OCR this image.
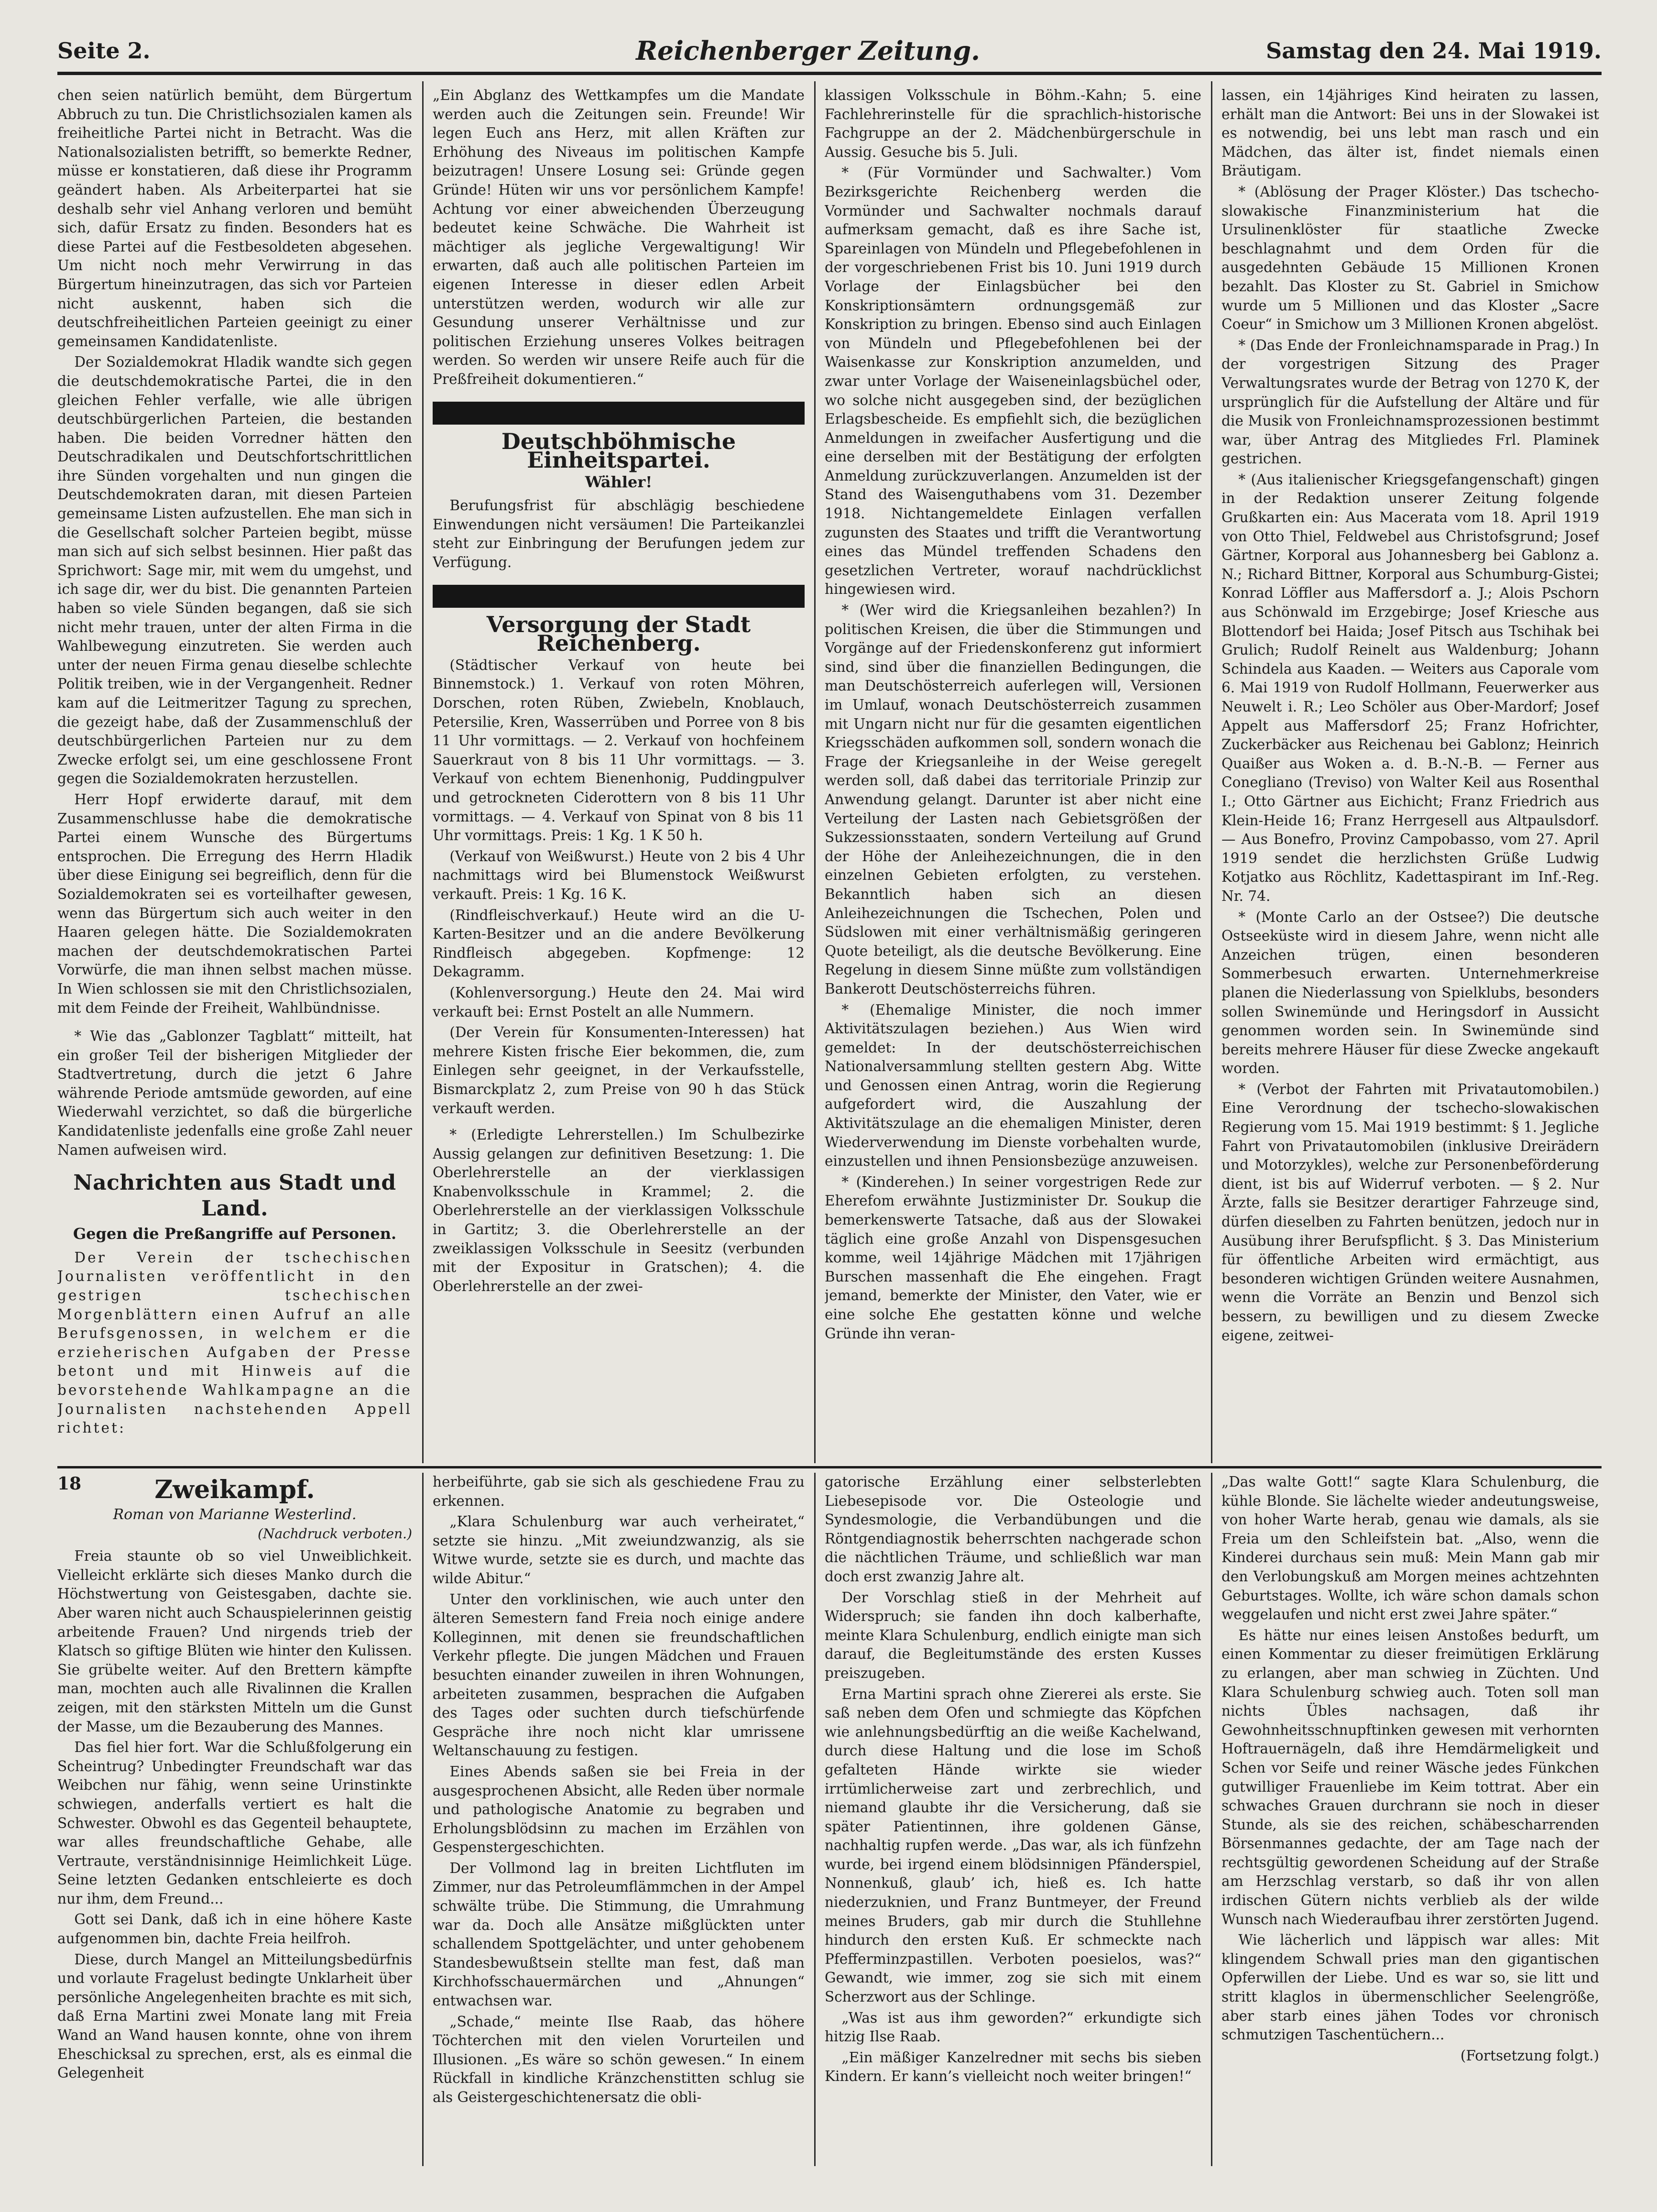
Seite 2.	Reichenberger Zeitung.	Samstag den 24. Mai 1919.

chen seien natürlich bemüht, dem Bürgertum Abbruch zu tun. Die Christlichsozialen kamen als freiheitliche Partei nicht in Betracht. Was die Nationalsozialisten betrifft, so bemerkte Redner, müsse er konstatieren, daß diese ihr Programm geändert haben. Als Arbeiterpartei hat sie deshalb sehr viel Anhang verloren und bemüht sich, dafür Ersatz zu finden. Besonders hat es diese Partei auf die Festbesoldeten abgesehen. Um nicht noch mehr Verwirrung in das Bürgertum hineinzutragen, das sich vor Parteien nicht auskennt, haben sich die deutschfreiheitlichen Parteien geeinigt zu einer gemeinsamen Kandidatenliste.

Der Sozialdemokrat Hladik wandte sich gegen die deutschdemokratische Partei, die in den gleichen Fehler verfalle, wie alle übrigen deutschbürgerlichen Parteien, die bestanden haben. Die beiden Vorredner hätten den Deutschradikalen und Deutschfortschrittlichen ihre Sünden vorgehalten und nun gingen die Deutschdemokraten daran, mit diesen Parteien gemeinsame Listen aufzustellen. Ehe man sich in die Gesellschaft solcher Parteien begibt, müsse man sich auf sich selbst besinnen. Hier paßt das Sprichwort: Sage mir, mit wem du umgehst, und ich sage dir, wer du bist. Die genannten Parteien haben so viele Sünden begangen, daß sie sich nicht mehr trauen, unter der alten Firma in die Wahlbewegung einzutreten. Sie werden auch unter der neuen Firma genau dieselbe schlechte Politik treiben, wie in der Vergangenheit. Redner kam auf die Leitmeritzer Tagung zu sprechen, die gezeigt habe, daß der Zusammenschluß der deutschbürgerlichen Parteien nur zu dem Zwecke erfolgt sei, um eine geschlossene Front gegen die Sozialdemokraten herzustellen.

Herr Hopf erwiderte darauf, mit dem Zusammenschlusse habe die demokratische Partei einem Wunsche des Bürgertums entsprochen. Die Erregung des Herrn Hladik über diese Einigung sei begreiflich, denn für die Sozialdemokraten sei es vorteilhafter gewesen, wenn das Bürgertum sich auch weiter in den Haaren gelegen hätte. Die Sozialdemokraten machen der deutschdemokratischen Partei Vorwürfe, die man ihnen selbst machen müsse. In Wien schlossen sie mit den Christlichsozialen, mit dem Feinde der Freiheit, Wahlbündnisse.

* Wie das „Gablonzer Tagblatt“ mitteilt, hat ein großer Teil der bisherigen Mitglieder der Stadtvertretung, durch die jetzt 6 Jahre währende Periode amtsmüde geworden, auf eine Wiederwahl verzichtet, so daß die bürgerliche Kandidatenliste jedenfalls eine große Zahl neuer Namen aufweisen wird.

Nachrichten aus Stadt und Land.
Gegen die Preßangriffe auf Personen.

Der Verein der tschechischen Journalisten veröffentlicht in den gestrigen tschechischen Morgenblättern einen Aufruf an alle Berufsgenossen, in welchem er die erzieherischen Aufgaben der Presse betont und mit Hinweis auf die bevorstehende Wahlkampagne an die Journalisten nachstehenden Appell richtet:

„Ein Abglanz des Wettkampfes um die Mandate werden auch die Zeitungen sein. Freunde! Wir legen Euch ans Herz, mit allen Kräften zur Erhöhung des Niveaus im politischen Kampfe beizutragen! Unsere Losung sei: Gründe gegen Gründe! Hüten wir uns vor persönlichem Kampfe! Achtung vor einer abweichenden Überzeugung bedeutet keine Schwäche. Die Wahrheit ist mächtiger als jegliche Vergewaltigung! Wir erwarten, daß auch alle politischen Parteien im eigenen Interesse in dieser edlen Arbeit unterstützen werden, wodurch wir alle zur Gesundung unserer Verhältnisse und zur politischen Erziehung unseres Volkes beitragen werden. So werden wir unsere Reife auch für die Preßfreiheit dokumentieren.“

Deutschböhmische Einheitspartei.
Wähler!

Berufungsfrist für abschlägig beschiedene Einwendungen nicht versäumen! Die Parteikanzlei steht zur Einbringung der Berufungen jedem zur Verfügung.

Versorgung der Stadt Reichenberg.

(Städtischer Verkauf von heute bei Binnemstock.) 1. Verkauf von roten Möhren, Dorschen, roten Rüben, Zwiebeln, Knoblauch, Petersilie, Kren, Wasserrüben und Porree von 8 bis 11 Uhr vormittags. — 2. Verkauf von hochfeinem Sauerkraut von 8 bis 11 Uhr vormittags. — 3. Verkauf von echtem Bienenhonig, Puddingpulver und getrockneten Ciderottern von 8 bis 11 Uhr vormittags. — 4. Verkauf von Spinat von 8 bis 11 Uhr vormittags. Preis: 1 Kg. 1 K 50 h.

(Verkauf von Weißwurst.) Heute von 2 bis 4 Uhr nachmittags wird bei Blumenstock Weißwurst verkauft. Preis: 1 Kg. 16 K.

(Rindfleischverkauf.) Heute wird an die U-Karten-Besitzer und an die andere Bevölkerung Rindfleisch abgegeben. Kopfmenge: 12 Dekagramm.

(Kohlenversorgung.) Heute den 24. Mai wird verkauft bei: Ernst Postelt an alle Nummern.

(Der Verein für Konsumenten-Interessen) hat mehrere Kisten frische Eier bekommen, die, zum Einlegen sehr geeignet, in der Verkaufsstelle, Bismarckplatz 2, zum Preise von 90 h das Stück verkauft werden.

* (Erledigte Lehrerstellen.) Im Schulbezirke Aussig gelangen zur definitiven Besetzung: 1. Die Oberlehrerstelle an der vierklassigen Knabenvolksschule in Krammel; 2. die Oberlehrerstelle an der vierklassigen Volksschule in Gartitz; 3. die Oberlehrerstelle an der zweiklassigen Volksschule in Seesitz (verbunden mit der Expositur in Gratschen); 4. die Oberlehrerstelle an der zwei-

klassigen Volksschule in Böhm.-Kahn; 5. eine Fachlehrerinstelle für die sprachlich-historische Fachgruppe an der 2. Mädchenbürgerschule in Aussig. Gesuche bis 5. Juli.

* (Für Vormünder und Sachwalter.) Vom Bezirksgerichte Reichenberg werden die Vormünder und Sachwalter nochmals darauf aufmerksam gemacht, daß es ihre Sache ist, Spareinlagen von Mündeln und Pflegebefohlenen in der vorgeschriebenen Frist bis 10. Juni 1919 durch Vorlage der Einlagsbücher bei den Konskriptionsämtern ordnungsgemäß zur Konskription zu bringen. Ebenso sind auch Einlagen von Mündeln und Pflegebefohlenen bei der Waisenkasse zur Konskription anzumelden, und zwar unter Vorlage der Waiseneinlagsbüchel oder, wo solche nicht ausgegeben sind, der bezüglichen Erlagsbescheide. Es empfiehlt sich, die bezüglichen Anmeldungen in zweifacher Ausfertigung und die eine derselben mit der Bestätigung der erfolgten Anmeldung zurückzuverlangen. Anzumelden ist der Stand des Waisenguthabens vom 31. Dezember 1918. Nichtangemeldete Einlagen verfallen zugunsten des Staates und trifft die Verantwortung eines das Mündel treffenden Schadens den gesetzlichen Vertreter, worauf nachdrücklichst hingewiesen wird.

* (Wer wird die Kriegsanleihen bezahlen?) In politischen Kreisen, die über die Stimmungen und Vorgänge auf der Friedenskonferenz gut informiert sind, sind über die finanziellen Bedingungen, die man Deutschösterreich auferlegen will, Versionen im Umlauf, wonach Deutschösterreich zusammen mit Ungarn nicht nur für die gesamten eigentlichen Kriegsschäden aufkommen soll, sondern wonach die Frage der Kriegsanleihe in der Weise geregelt werden soll, daß dabei das territoriale Prinzip zur Anwendung gelangt. Darunter ist aber nicht eine Verteilung der Lasten nach Gebietsgrößen der Sukzessionsstaaten, sondern Verteilung auf Grund der Höhe der Anleihezeichnungen, die in den einzelnen Gebieten erfolgten, zu verstehen. Bekanntlich haben sich an diesen Anleihezeichnungen die Tschechen, Polen und Südslowen mit einer verhältnismäßig geringeren Quote beteiligt, als die deutsche Bevölkerung. Eine Regelung in diesem Sinne müßte zum vollständigen Bankerott Deutschösterreichs führen.

* (Ehemalige Minister, die noch immer Aktivitätszulagen beziehen.) Aus Wien wird gemeldet: In der deutschösterreichischen Nationalversammlung stellten gestern Abg. Witte und Genossen einen Antrag, worin die Regierung aufgefordert wird, die Auszahlung der Aktivitätszulage an die ehemaligen Minister, deren Wiederverwendung im Dienste vorbehalten wurde, einzustellen und ihnen Pensionsbezüge anzuweisen.

* (Kinderehen.) In seiner vorgestrigen Rede zur Eherefom erwähnte Justizminister Dr. Soukup die bemerkenswerte Tatsache, daß aus der Slowakei täglich eine große Anzahl von Dispensgesuchen komme, weil 14jährige Mädchen mit 17jährigen Burschen massenhaft die Ehe eingehen. Fragt jemand, bemerkte der Minister, den Vater, wie er eine solche Ehe gestatten könne und welche Gründe ihn veran-

lassen, ein 14jähriges Kind heiraten zu lassen, erhält man die Antwort: Bei uns in der Slowakei ist es notwendig, bei uns lebt man rasch und ein Mädchen, das älter ist, findet niemals einen Bräutigam.

* (Ablösung der Prager Klöster.) Das tschecho-slowakische Finanzministerium hat die Ursulinenklöster für staatliche Zwecke beschlagnahmt und dem Orden für die ausgedehnten Gebäude 15 Millionen Kronen bezahlt. Das Kloster zu St. Gabriel in Smichow wurde um 5 Millionen und das Kloster „Sacre Coeur“ in Smichow um 3 Millionen Kronen abgelöst.

* (Das Ende der Fronleichnamsparade in Prag.) In der vorgestrigen Sitzung des Prager Verwaltungsrates wurde der Betrag von 1270 K, der ursprünglich für die Aufstellung der Altäre und für die Musik von Fronleichnamsprozessionen bestimmt war, über Antrag des Mitgliedes Frl. Plaminek gestrichen.

* (Aus italienischer Kriegsgefangenschaft) gingen in der Redaktion unserer Zeitung folgende Grußkarten ein: Aus Macerata vom 18. April 1919 von Otto Thiel, Feldwebel aus Christofsgrund; Josef Gärtner, Korporal aus Johannesberg bei Gablonz a. N.; Richard Bittner, Korporal aus Schumburg-Gistei; Konrad Löffler aus Maffersdorf a. J.; Alois Pschorn aus Schönwald im Erzgebirge; Josef Kriesche aus Blottendorf bei Haida; Josef Pitsch aus Tschihak bei Grulich; Rudolf Reinelt aus Waldenburg; Johann Schindela aus Kaaden. — Weiters aus Caporale vom 6. Mai 1919 von Rudolf Hollmann, Feuerwerker aus Neuwelt i. R.; Leo Schöler aus Ober-Mardorf; Josef Appelt aus Maffersdorf 25; Franz Hofrichter, Zuckerbäcker aus Reichenau bei Gablonz; Heinrich Quaißer aus Woken a. d. B.-N.-B. — Ferner aus Conegliano (Treviso) von Walter Keil aus Rosenthal I.; Otto Gärtner aus Eichicht; Franz Friedrich aus Klein-Heide 16; Franz Herrgesell aus Altpaulsdorf. — Aus Bonefro, Provinz Campobasso, vom 27. April 1919 sendet die herzlichsten Grüße Ludwig Kotjatko aus Röchlitz, Kadettaspirant im Inf.-Reg. Nr. 74.

* (Monte Carlo an der Ostsee?) Die deutsche Ostseeküste wird in diesem Jahre, wenn nicht alle Anzeichen trügen, einen besonderen Sommerbesuch erwarten. Unternehmerkreise planen die Niederlassung von Spielklubs, besonders sollen Swinemünde und Heringsdorf in Aussicht genommen worden sein. In Swinemünde sind bereits mehrere Häuser für diese Zwecke angekauft worden.

* (Verbot der Fahrten mit Privatautomobilen.) Eine Verordnung der tschecho-slowakischen Regierung vom 15. Mai 1919 bestimmt: § 1. Jegliche Fahrt von Privatautomobilen (inklusive Dreirädern und Motorzykles), welche zur Personenbeförderung dient, ist bis auf Widerruf verboten. — § 2. Nur Ärzte, falls sie Besitzer derartiger Fahrzeuge sind, dürfen dieselben zu Fahrten benützen, jedoch nur in Ausübung ihrer Berufspflicht. § 3. Das Ministerium für öffentliche Arbeiten wird ermächtigt, aus besonderen wichtigen Gründen weitere Ausnahmen, wenn die Vorräte an Benzin und Benzol sich bessern, zu bewilligen und zu diesem Zwecke eigene, zeitwei-

18	Zweikampf.
Roman von Marianne Westerlind.
(Nachdruck verboten.)

Freia staunte ob so viel Unweiblichkeit. Vielleicht erklärte sich dieses Manko durch die Höchstwertung von Geistesgaben, dachte sie. Aber waren nicht auch Schauspielerinnen geistig arbeitende Frauen? Und nirgends trieb der Klatsch so giftige Blüten wie hinter den Kulissen. Sie grübelte weiter. Auf den Brettern kämpfte man, mochten auch alle Rivalinnen die Krallen zeigen, mit den stärksten Mitteln um die Gunst der Masse, um die Bezauberung des Mannes.

Das fiel hier fort. War die Schlußfolgerung ein Scheintrug? Unbedingter Freundschaft war das Weibchen nur fähig, wenn seine Urinstinkte schwiegen, anderfalls vertiert es halt die Schwester. Obwohl es das Gegenteil behauptete, war alles freundschaftliche Gehabe, alle Vertraute, verständnisinnige Heimlichkeit Lüge. Seine letzten Gedanken entschleierte es doch nur ihm, dem Freund...

Gott sei Dank, daß ich in eine höhere Kaste aufgenommen bin, dachte Freia heilfroh.

Diese, durch Mangel an Mitteilungsbedürfnis und vorlaute Fragelust bedingte Unklarheit über persönliche Angelegenheiten brachte es mit sich, daß Erna Martini zwei Monate lang mit Freia Wand an Wand hausen konnte, ohne von ihrem Eheschicksal zu sprechen, erst, als es einmal die Gelegenheit

herbeiführte, gab sie sich als geschiedene Frau zu erkennen.

„Klara Schulenburg war auch verheiratet,“ setzte sie hinzu. „Mit zweiundzwanzig, als sie Witwe wurde, setzte sie es durch, und machte das wilde Abitur.“

Unter den vorklinischen, wie auch unter den älteren Semestern fand Freia noch einige andere Kolleginnen, mit denen sie freundschaftlichen Verkehr pflegte. Die jungen Mädchen und Frauen besuchten einander zuweilen in ihren Wohnungen, arbeiteten zusammen, besprachen die Aufgaben des Tages oder suchten durch tiefschürfende Gespräche ihre noch nicht klar umrissene Weltanschauung zu festigen.

Eines Abends saßen sie bei Freia in der ausgesprochenen Absicht, alle Reden über normale und pathologische Anatomie zu begraben und Erholungsblödsinn zu machen im Erzählen von Gespenstergeschichten.

Der Vollmond lag in breiten Lichtfluten im Zimmer, nur das Petroleumflämmchen in der Ampel schwälte trübe. Die Stimmung, die Umrahmung war da. Doch alle Ansätze mißglückten unter schallendem Spottgelächter, und unter gehobenem Standesbewußtsein stellte man fest, daß man Kirchhofsschauermärchen und „Ahnungen“ entwachsen war.

„Schade,“ meinte Ilse Raab, das höhere Töchterchen mit den vielen Vorurteilen und Illusionen. „Es wäre so schön gewesen.“ In einem Rückfall in kindliche Kränzchenstitten schlug sie als Geistergeschichtenersatz die obli-

gatorische Erzählung einer selbsterlebten Liebesepisode vor. Die Osteologie und Syndesmologie, die Verbandübungen und die Röntgendiagnostik beherrschten nachgerade schon die nächtlichen Träume, und schließlich war man doch erst zwanzig Jahre alt.

Der Vorschlag stieß in der Mehrheit auf Widerspruch; sie fanden ihn doch kalberhafte, meinte Klara Schulenburg, endlich einigte man sich darauf, die Begleitumstände des ersten Kusses preiszugeben.

Erna Martini sprach ohne Ziererei als erste. Sie saß neben dem Ofen und schmiegte das Köpfchen wie anlehnungsbedürftig an die weiße Kachelwand, durch diese Haltung und die lose im Schoß gefalteten Hände wirkte sie wieder irrtümlicherweise zart und zerbrechlich, und niemand glaubte ihr die Versicherung, daß sie später Patientinnen, ihre goldenen Gänse, nachhaltig rupfen werde. „Das war, als ich fünfzehn wurde, bei irgend einem blödsinnigen Pfänderspiel, Nonnenkuß, glaub’ ich, hieß es. Ich hatte niederzuknien, und Franz Buntmeyer, der Freund meines Bruders, gab mir durch die Stuhllehne hindurch den ersten Kuß. Er schmeckte nach Pfefferminzpastillen. Verboten poesielos, was?“ Gewandt, wie immer, zog sie sich mit einem Scherzwort aus der Schlinge.

„Was ist aus ihm geworden?“ erkundigte sich hitzig Ilse Raab.

„Ein mäßiger Kanzelredner mit sechs bis sieben Kindern. Er kann’s vielleicht noch weiter bringen!“

„Das walte Gott!“ sagte Klara Schulenburg, die kühle Blonde. Sie lächelte wieder andeutungsweise, von hoher Warte herab, genau wie damals, als sie Freia um den Schleifstein bat. „Also, wenn die Kinderei durchaus sein muß: Mein Mann gab mir den Verlobungskuß am Morgen meines achtzehnten Geburtstages. Wollte, ich wäre schon damals schon weggelaufen und nicht erst zwei Jahre später.“

Es hätte nur eines leisen Anstoßes bedurft, um einen Kommentar zu dieser freimütigen Erklärung zu erlangen, aber man schwieg in Züchten. Und Klara Schulenburg schwieg auch. Toten soll man nichts Übles nachsagen, daß ihr Gewohnheitsschnupftinken gewesen mit verhornten Hoftrauernägeln, daß ihre Hemdärmeligkeit und Schen vor Seife und reiner Wäsche jedes Fünkchen gutwilliger Frauenliebe im Keim tottrat. Aber ein schwaches Grauen durchrann sie noch in dieser Stunde, als sie des reichen, schäbescharrenden Börsenmannes gedachte, der am Tage nach der rechtsgültig gewordenen Scheidung auf der Straße am Herzschlag verstarb, so daß ihr von allen irdischen Gütern nichts verblieb als der wilde Wunsch nach Wiederaufbau ihrer zerstörten Jugend.

Wie lächerlich und läppisch war alles: Mit klingendem Schwall pries man den gigantischen Opferwillen der Liebe. Und es war so, sie litt und stritt klaglos in übermenschlicher Seelengröße, aber starb eines jähen Todes vor chronisch schmutzigen Taschentüchern...

(Fortsetzung folgt.)
